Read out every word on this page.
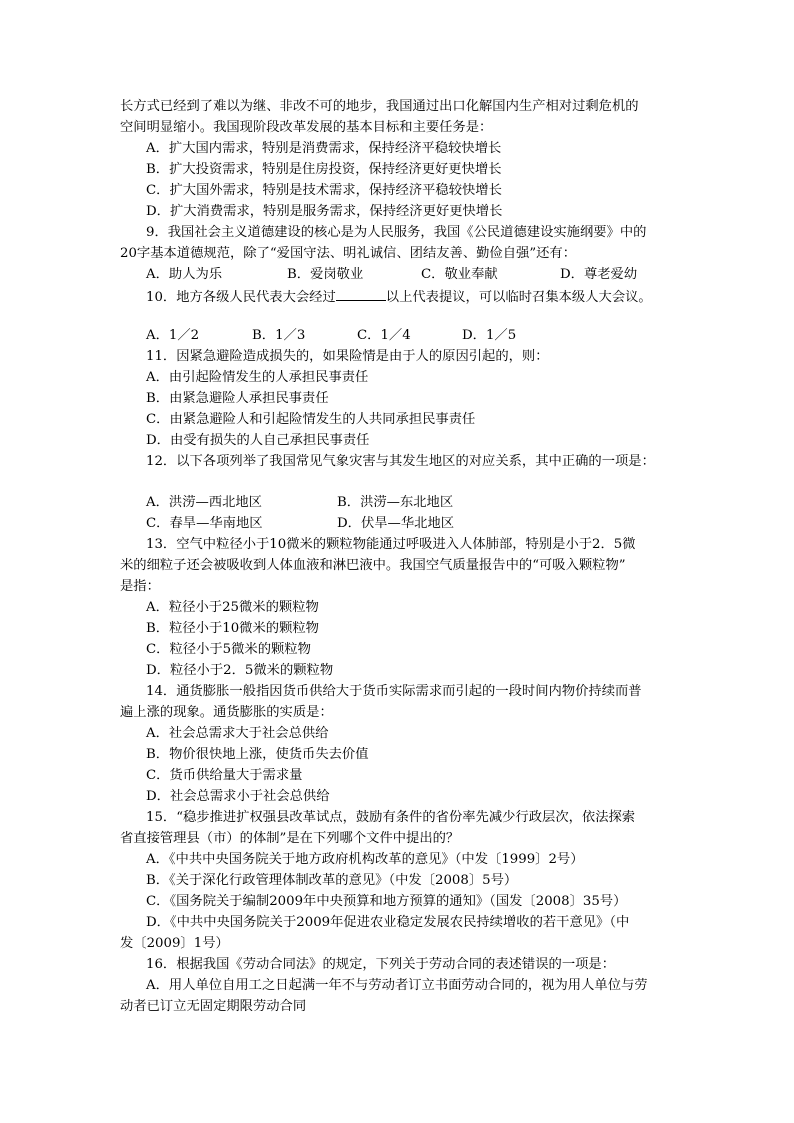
长方式已经到了难以为继、非改不可的地步，我国通过出口化解国内生产相对过剩危机的
空间明显缩小。我国现阶段改革发展的基本目标和主要任务是：
A．扩大国内需求，特别是消费需求，保持经济平稳较快增长
B．扩大投资需求，特别是住房投资，保持经济更好更快增长
C．扩大国外需求，特别是技术需求，保持经济平稳较快增长
D．扩大消费需求，特别是服务需求，保持经济更好更快增长
9．我国社会主义道德建设的核心是为人民服务，我国《公民道德建设实施纲要》中的
20字基本道德规范，除了“爱国守法、明礼诚信、团结友善、勤俭自强”还有：
A．助人为乐	B．爱岗敬业	C．敬业奉献	D．尊老爱幼
10．地方各级人民代表大会经过	以上代表提议，可以临时召集本级人大会议。
A．1／2	B．1／3	C．1／4	D．1／5
11．因紧急避险造成损失的，如果险情是由于人的原因引起的，则：
A．由引起险情发生的人承担民事责任
B．由紧急避险人承担民事责任
C．由紧急避险人和引起险情发生的人共同承担民事责任
D．由受有损失的人自己承担民事责任
12．以下各项列举了我国常见气象灾害与其发生地区的对应关系，其中正确的一项是：
A．洪涝—西北地区	B．洪涝—东北地区
C．春旱—华南地区	D．伏旱—华北地区
13．空气中粒径小于10微米的颗粒物能通过呼吸进入人体肺部，特别是小于2．5微
米的细粒子还会被吸收到人体血液和淋巴液中。我国空气质量报告中的“可吸入颗粒物”
是指：
A．粒径小于25微米的颗粒物
B．粒径小于10微米的颗粒物
C．粒径小于5微米的颗粒物
D．粒径小于2．5微米的颗粒物
14．通货膨胀一般指因货币供给大于货币实际需求而引起的一段时间内物价持续而普
遍上涨的现象。通货膨胀的实质是：
A．社会总需求大于社会总供给
B．物价很快地上涨，使货币失去价值
C．货币供给量大于需求量
D．社会总需求小于社会总供给
15．“稳步推进扩权强县改革试点，鼓励有条件的省份率先减少行政层次，依法探索
省直接管理县（市）的体制”是在下列哪个文件中提出的？
A．《中共中央国务院关于地方政府机构改革的意见》（中发〔1999〕2号）
B．《关于深化行政管理体制改革的意见》（中发〔2008〕5号）
C．《国务院关于编制2009年中央预算和地方预算的通知》（国发〔2008〕35号）
D．《中共中央国务院关于2009年促进农业稳定发展农民持续增收的若干意见》（中
发〔2009〕1号）
16．根据我国《劳动合同法》的规定，下列关于劳动合同的表述错误的一项是：
A．用人单位自用工之日起满一年不与劳动者订立书面劳动合同的，视为用人单位与劳
动者已订立无固定期限劳动合同
